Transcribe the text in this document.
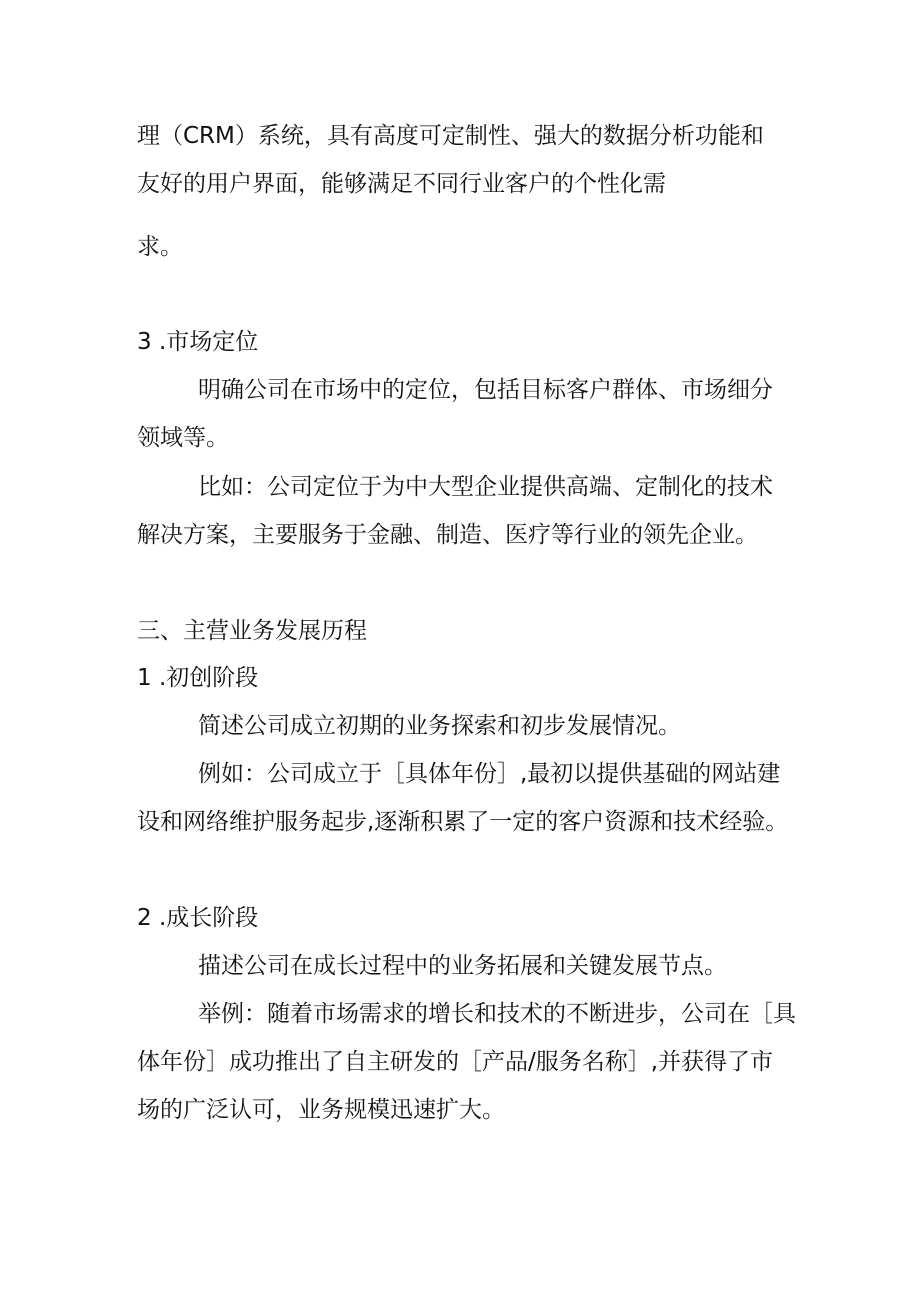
理（CRM）系统，具有高度可定制性、强大的数据分析功能和
友好的用户界面，能够满足不同行业客户的个性化需
求。
3 .市场定位
明确公司在市场中的定位，包括目标客户群体、市场细分
领域等。
比如：公司定位于为中大型企业提供高端、定制化的技术
解决方案，主要服务于金融、制造、医疗等行业的领先企业。
三、主营业务发展历程
1 .初创阶段
简述公司成立初期的业务探索和初步发展情况。
例如：公司成立于［具体年份］,最初以提供基础的网站建
设和网络维护服务起步,逐渐积累了一定的客户资源和技术经验。
2 .成长阶段
描述公司在成长过程中的业务拓展和关键发展节点。
举例：随着市场需求的增长和技术的不断进步，公司在［具
体年份］成功推出了自主研发的［产品/服务名称］,并获得了市
场的广泛认可，业务规模迅速扩大。
